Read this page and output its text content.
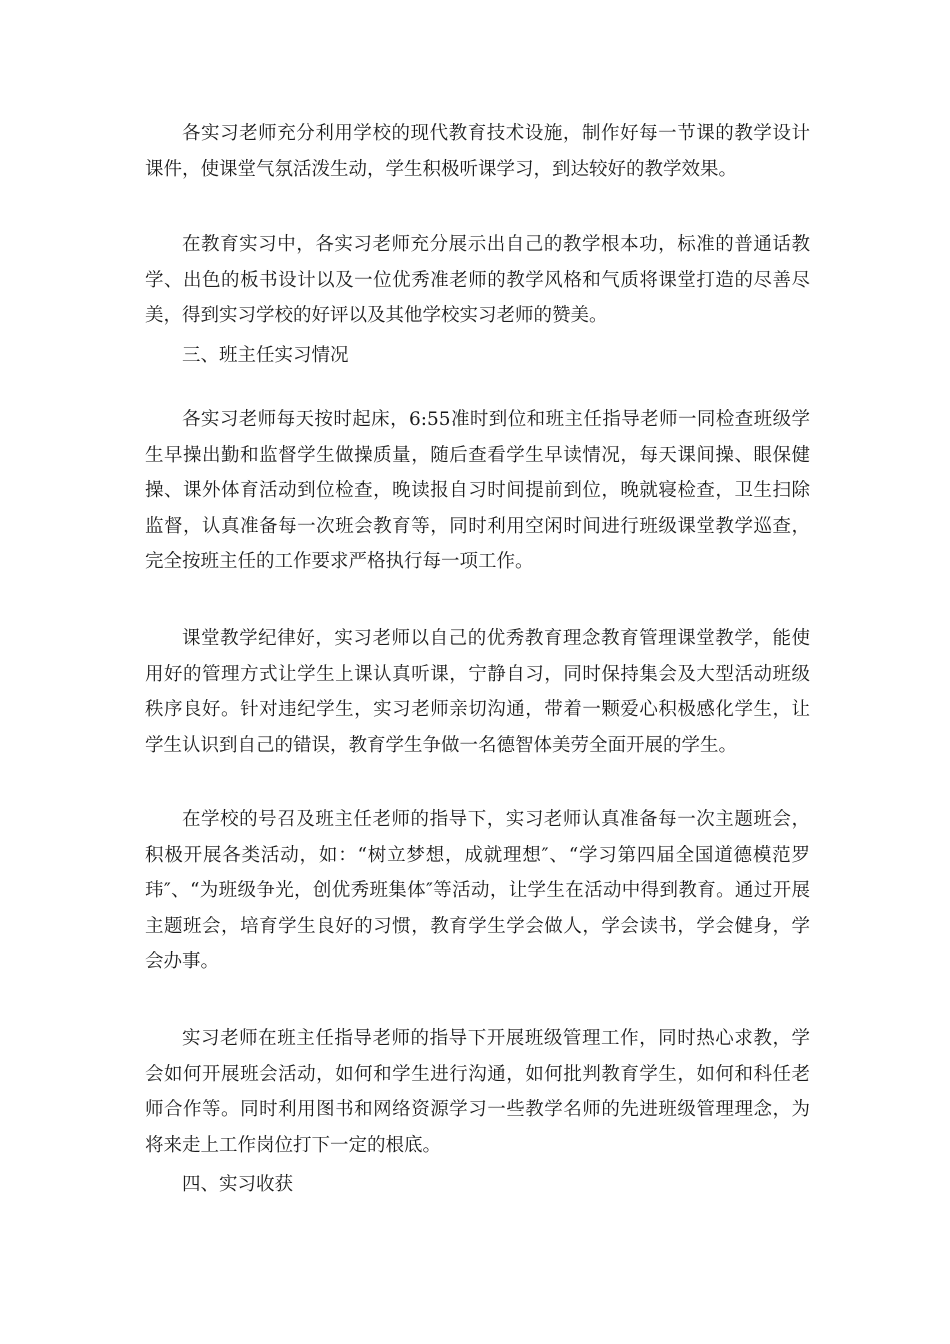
各实习老师充分利用学校的现代教育技术设施，制作好每一节课的教学设计课件，使课堂气氛活泼生动，学生积极听课学习，到达较好的教学效果。

在教育实习中，各实习老师充分展示出自己的教学根本功，标准的普通话教学、出色的板书设计以及一位优秀准老师的教学风格和气质将课堂打造的尽善尽美，得到实习学校的好评以及其他学校实习老师的赞美。

三、班主任实习情况

各实习老师每天按时起床，6:55准时到位和班主任指导老师一同检查班级学生早操出勤和监督学生做操质量，随后查看学生早读情况，每天课间操、眼保健操、课外体育活动到位检查，晚读报自习时间提前到位，晚就寝检查，卫生扫除监督，认真准备每一次班会教育等，同时利用空闲时间进行班级课堂教学巡查，完全按班主任的工作要求严格执行每一项工作。

课堂教学纪律好，实习老师以自己的优秀教育理念教育管理课堂教学，能使用好的管理方式让学生上课认真听课，宁静自习，同时保持集会及大型活动班级秩序良好。针对违纪学生，实习老师亲切沟通，带着一颗爱心积极感化学生，让学生认识到自己的错误，教育学生争做一名德智体美劳全面开展的学生。

在学校的号召及班主任老师的指导下，实习老师认真准备每一次主题班会，积极开展各类活动，如：“树立梦想，成就理想″、“学习第四届全国道德模范罗玮″、“为班级争光，创优秀班集体″等活动，让学生在活动中得到教育。通过开展主题班会，培育学生良好的习惯，教育学生学会做人，学会读书，学会健身，学会办事。

实习老师在班主任指导老师的指导下开展班级管理工作，同时热心求教，学会如何开展班会活动，如何和学生进行沟通，如何批判教育学生，如何和科任老师合作等。同时利用图书和网络资源学习一些教学名师的先进班级管理理念，为将来走上工作岗位打下一定的根底。

四、实习收获
